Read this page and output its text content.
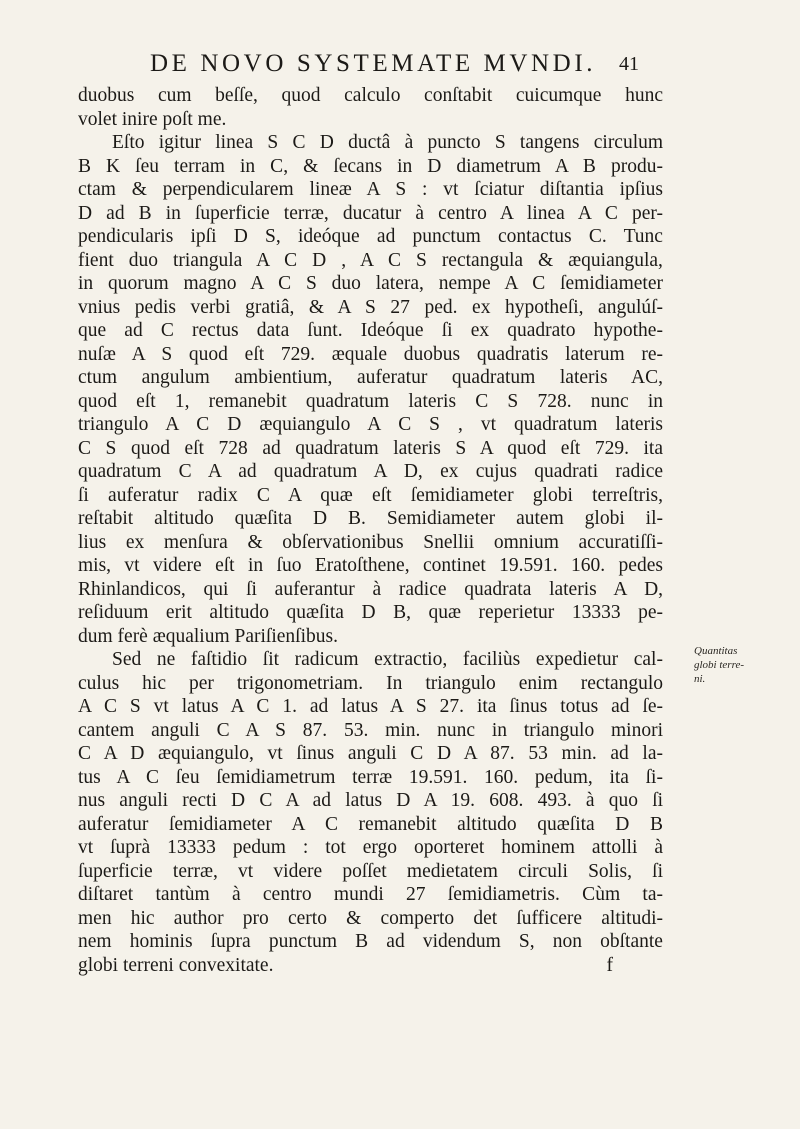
DE NOVO SYSTEMATE MVNDI. 41
duobus cum beſſe, quod calculo conſtabit cuicumque hunc
volet inire poſt me.
Eſto igitur linea S C D ductâ à puncto S tangens circulum
B K ſeu terram in C, & ſecans in D diametrum A B produ-
ctam & perpendicularem lineæ A S : vt ſciatur diſtantia ipſius
D ad B in ſuperficie terræ, ducatur à centro A linea A C per-
pendicularis ipſi D S, ideóque ad punctum contactus C. Tunc
fient duo triangula A C D , A C S rectangula & æquiangula,
in quorum magno A C S duo latera, nempe A C ſemidiameter
vnius pedis verbi gratiâ, & A S 27 ped. ex hypotheſi, angulúſ-
que ad C rectus data ſunt. Ideóque ſi ex quadrato hypothe-
nuſæ A S quod eſt 729. æquale duobus quadratis laterum re-
ctum angulum ambientium, auferatur quadratum lateris AC,
quod eſt 1, remanebit quadratum lateris C S 728. nunc in
triangulo A C D æquiangulo A C S , vt quadratum lateris
C S quod eſt 728 ad quadratum lateris S A quod eſt 729. ita
quadratum C A ad quadratum A D, ex cujus quadrati radice
ſi auferatur radix C A quæ eſt ſemidiameter globi terreſtris,
reſtabit altitudo quæſita D B. Semidiameter autem globi il-
lius ex menſura & obſervationibus Snellii omnium accuratiſſi-
mis, vt videre eſt in ſuo Eratoſthene, continet 19.591. 160. pedes
Rhinlandicos, qui ſi auferantur à radice quadrata lateris A D,
reſiduum erit altitudo quæſita D B, quæ reperietur 13333 pe-
dum ferè æqualium Pariſienſibus.
Sed ne faſtidio ſit radicum extractio, faciliùs expedietur cal-
culus hic per trigonometriam. In triangulo enim rectangulo
A C S vt latus A C 1. ad latus A S 27. ita ſinus totus ad ſe-
cantem anguli C A S 87. 53. min. nunc in triangulo minori
C A D æquiangulo, vt ſinus anguli C D A 87. 53 min. ad la-
tus A C ſeu ſemidiametrum terræ 19.591. 160. pedum, ita ſi-
nus anguli recti D C A ad latus D A 19. 608. 493. à quo ſi
auferatur ſemidiameter A C remanebit altitudo quæſita D B
vt ſuprà 13333 pedum : tot ergo oporteret hominem attolli à
ſuperficie terræ, vt videre poſſet medietatem circuli Solis, ſi
diſtaret tantùm à centro mundi 27 ſemidiametris. Cùm ta-
men hic author pro certo & comperto det ſufficere altitudi-
nem hominis ſupra punctum B ad videndum S, non obſtante
globi terreni convexitate.	f
Quantitas
globi terre-
ni.
